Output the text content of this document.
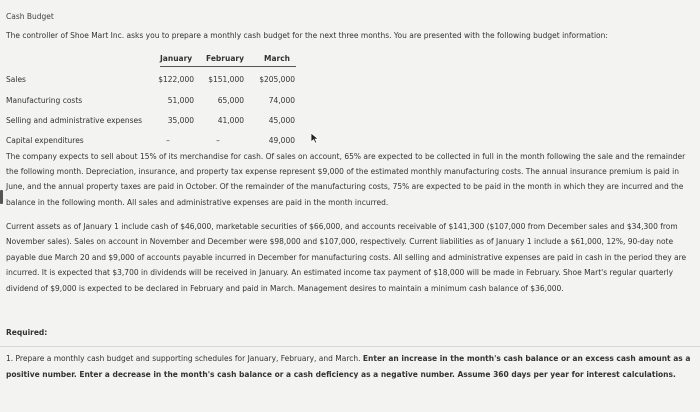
Cash Budget
The controller of Shoe Mart Inc. asks you to prepare a monthly cash budget for the next three months. You are presented with the following budget information:
January February	March
Sales	$122,000	$151,000	$205,000
Manufacturing costs	51,000	65,000	74,000
Selling and administrative expenses	35,000	41,000	45,000
Capital expenditures	–	–	49,000
The company expects to sell about 15% of its merchandise for cash. Of sales on account, 65% are expected to be collected in full in the month following the sale and the remainder the following month. Depreciation, insurance, and property tax expense represent $9,000 of the estimated monthly manufacturing costs. The annual insurance premium is paid in June, and the annual property taxes are paid in October. Of the remainder of the manufacturing costs, 75% are expected to be paid in the month in which they are incurred and the balance in the following month. All sales and administrative expenses are paid in the month incurred.
Current assets as of January 1 include cash of $46,000, marketable securities of $66,000, and accounts receivable of $141,300 ($107,000 from December sales and $34,300 from November sales). Sales on account in November and December were $98,000 and $107,000, respectively. Current liabilities as of January 1 include a $61,000, 12%, 90-day note payable due March 20 and $9,000 of accounts payable incurred in December for manufacturing costs. All selling and administrative expenses are paid in cash in the period they are incurred. It is expected that $3,700 in dividends will be received in January. An estimated income tax payment of $18,000 will be made in February. Shoe Mart's regular quarterly dividend of $9,000 is expected to be declared in February and paid in March. Management desires to maintain a minimum cash balance of $36,000.
Required:
1. Prepare a monthly cash budget and supporting schedules for January, February, and March. Enter an increase in the month's cash balance or an excess cash amount as a positive number. Enter a decrease in the month's cash balance or a cash deficiency as a negative number. Assume 360 days per year for interest calculations.
